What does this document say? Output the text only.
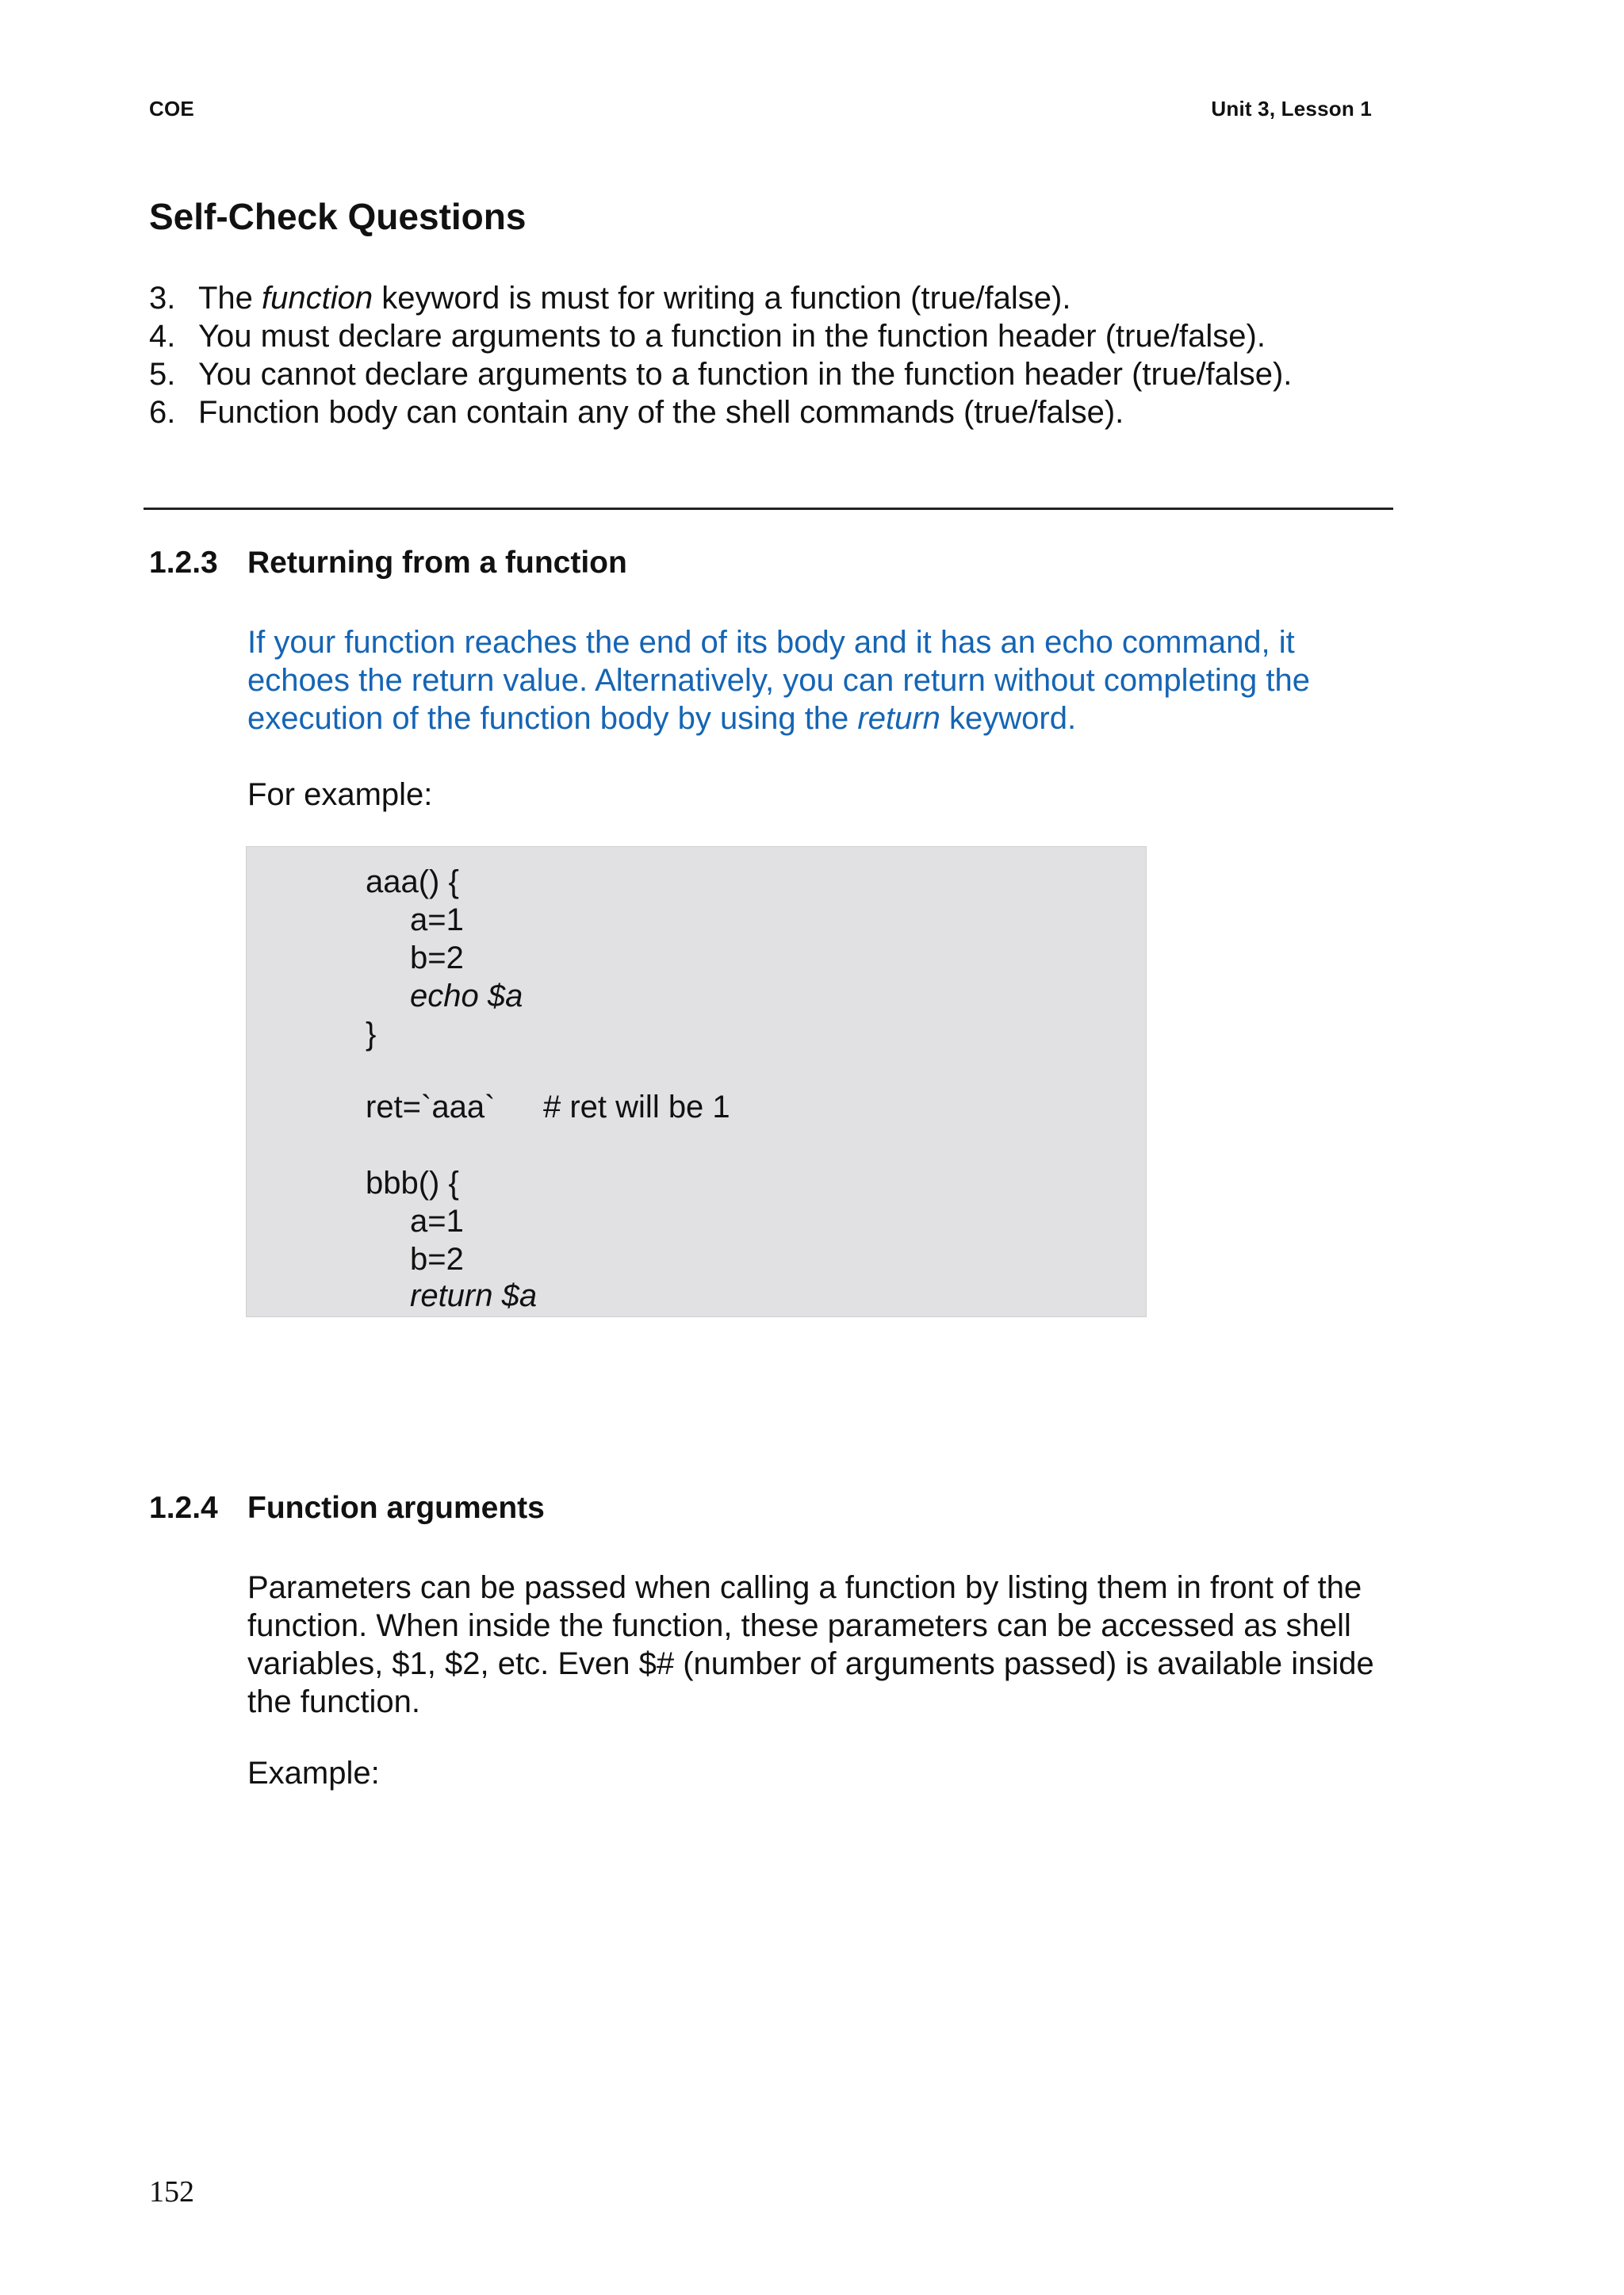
COE	Unit 3, Lesson 1
Self-Check Questions
3. The function keyword is must for writing a function (true/false).
4. You must declare arguments to a function in the function header (true/false).
5. You cannot declare arguments to a function in the function header (true/false).
6. Function body can contain any of the shell commands (true/false).
1.2.3 Returning from a function
If your function reaches the end of its body and it has an echo command, it echoes the return value. Alternatively, you can return without completing the execution of the function body by using the return keyword.
For example:
aaa() {
a=1
b=2
echo $a
}
ret=`aaa` # ret will be 1
bbb() {
a=1
b=2
return $a
1.2.4 Function arguments
Parameters can be passed when calling a function by listing them in front of the function. When inside the function, these parameters can be accessed as shell variables, $1, $2, etc. Even $# (number of arguments passed) is available inside the function.
Example:
152
